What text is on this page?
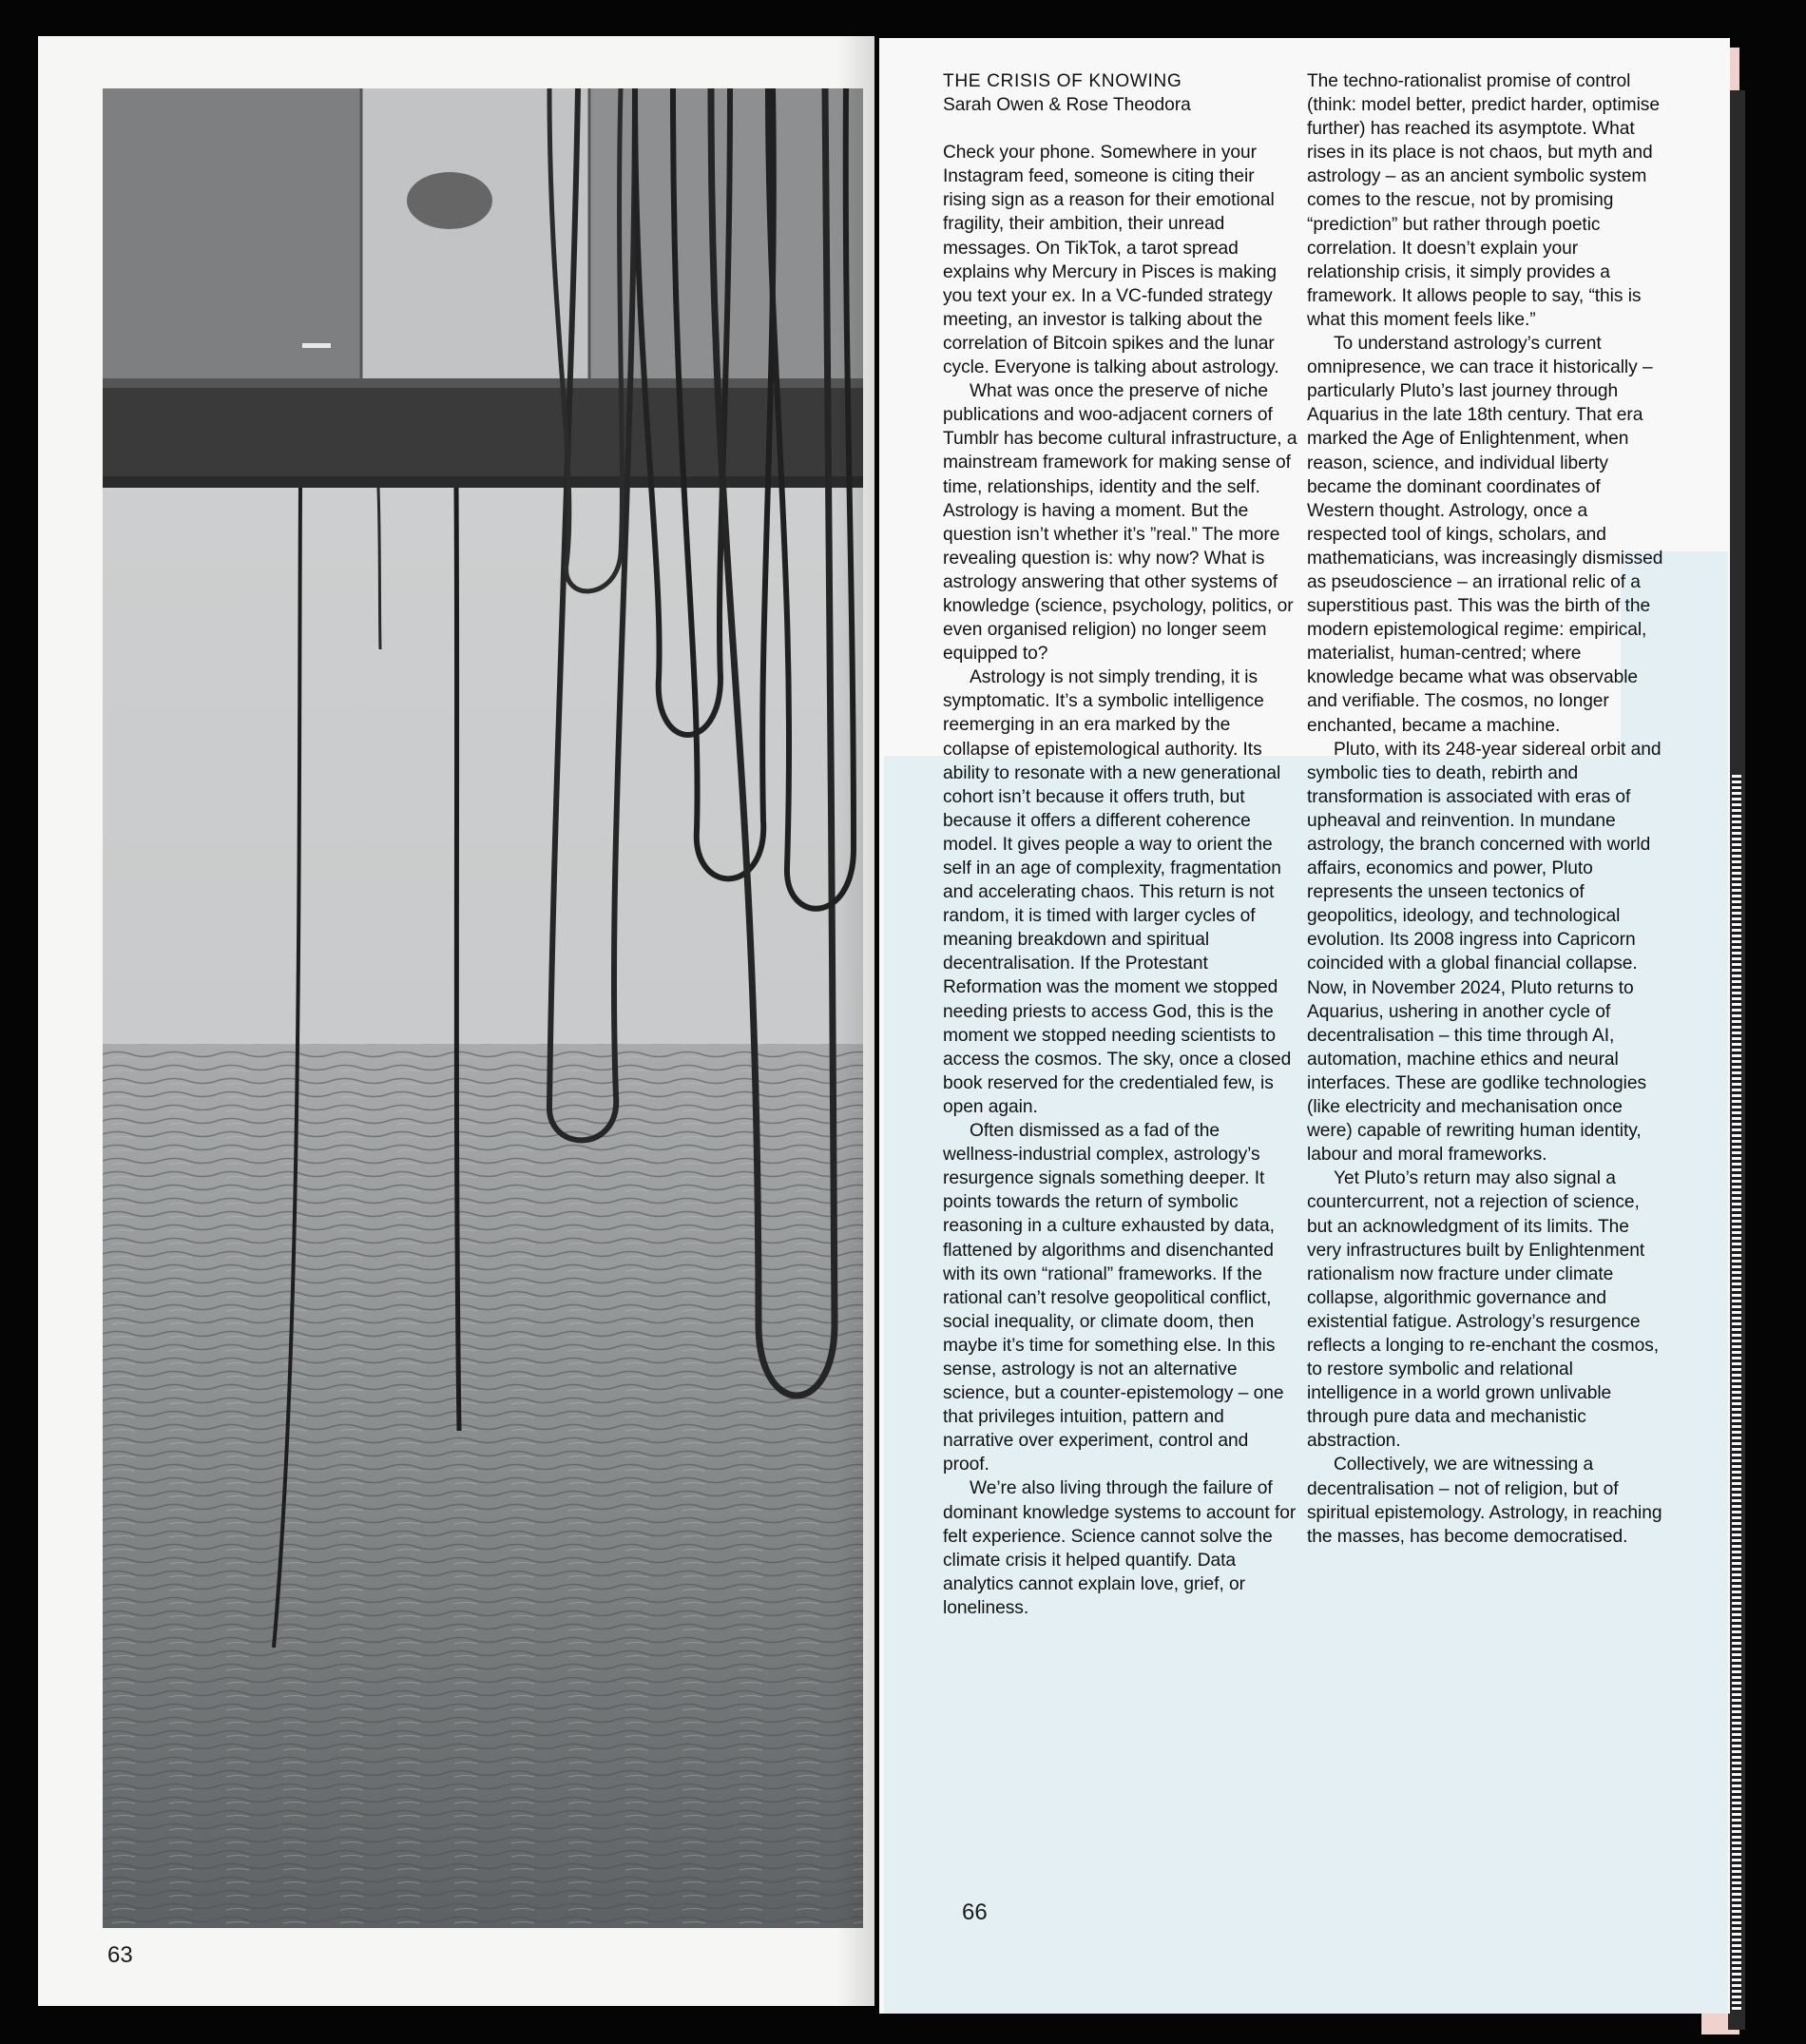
63

THE CRISIS OF KNOWING

Sarah Owen & Rose Theodora

Check your phone. Somewhere in your Instagram feed, someone is citing their rising sign as a reason for their emotional fragility, their ambition, their unread messages. On TikTok, a tarot spread explains why Mercury in Pisces is making you text your ex. In a VC-funded strategy meeting, an investor is talking about the correlation of Bitcoin spikes and the lunar cycle. Everyone is talking about astrology.

What was once the preserve of niche publications and woo-adjacent corners of Tumblr has become cultural infrastructure, a mainstream framework for making sense of time, relationships, identity and the self. Astrology is having a moment. But the question isn’t whether it’s ”real.” The more revealing question is: why now? What is astrology answering that other systems of knowledge (science, psychology, politics, or even organised religion) no longer seem equipped to?

Astrology is not simply trending, it is symptomatic. It’s a symbolic intelligence reemerging in an era marked by the collapse of epistemological authority. Its ability to resonate with a new generational cohort isn’t because it offers truth, but because it offers a different coherence model. It gives people a way to orient the self in an age of complexity, fragmentation and accelerating chaos. This return is not random, it is timed with larger cycles of meaning breakdown and spiritual decentralisation. If the Protestant Reformation was the moment we stopped needing priests to access God, this is the moment we stopped needing scientists to access the cosmos. The sky, once a closed book reserved for the credentialed few, is open again.

Often dismissed as a fad of the wellness-industrial complex, astrology’s resurgence signals something deeper. It points towards the return of symbolic reasoning in a culture exhausted by data, flattened by algorithms and disenchanted with its own “rational” frameworks. If the rational can’t resolve geopolitical conflict, social inequality, or climate doom, then maybe it’s time for something else. In this sense, astrology is not an alternative science, but a counter-epistemology – one that privileges intuition, pattern and narrative over experiment, control and proof.

We’re also living through the failure of dominant knowledge systems to account for felt experience. Science cannot solve the climate crisis it helped quantify. Data analytics cannot explain love, grief, or loneliness.

The techno-rationalist promise of control (think: model better, predict harder, optimise further) has reached its asymptote. What rises in its place is not chaos, but myth and astrology – as an ancient symbolic system comes to the rescue, not by promising “prediction” but rather through poetic correlation. It doesn’t explain your relationship crisis, it simply provides a framework. It allows people to say, “this is what this moment feels like.”

To understand astrology’s current omnipresence, we can trace it historically – particularly Pluto’s last journey through Aquarius in the late 18th century. That era marked the Age of Enlightenment, when reason, science, and individual liberty became the dominant coordinates of Western thought. Astrology, once a respected tool of kings, scholars, and mathematicians, was increasingly dismissed as pseudoscience – an irrational relic of a superstitious past. This was the birth of the modern epistemological regime: empirical, materialist, human-centred; where knowledge became what was observable and verifiable. The cosmos, no longer enchanted, became a machine.

Pluto, with its 248-year sidereal orbit and symbolic ties to death, rebirth and transformation is associated with eras of upheaval and reinvention. In mundane astrology, the branch concerned with world affairs, economics and power, Pluto represents the unseen tectonics of geopolitics, ideology, and technological evolution. Its 2008 ingress into Capricorn coincided with a global financial collapse. Now, in November 2024, Pluto returns to Aquarius, ushering in another cycle of decentralisation – this time through AI, automation, machine ethics and neural interfaces. These are godlike technologies (like electricity and mechanisation once were) capable of rewriting human identity, labour and moral frameworks.

Yet Pluto’s return may also signal a countercurrent, not a rejection of science, but an acknowledgment of its limits. The very infrastructures built by Enlightenment rationalism now fracture under climate collapse, algorithmic governance and existential fatigue. Astrology’s resurgence reflects a longing to re-enchant the cosmos, to restore symbolic and relational intelligence in a world grown unlivable through pure data and mechanistic abstraction.

Collectively, we are witnessing a decentralisation – not of religion, but of spiritual epistemology. Astrology, in reaching the masses, has become democratised.

66
